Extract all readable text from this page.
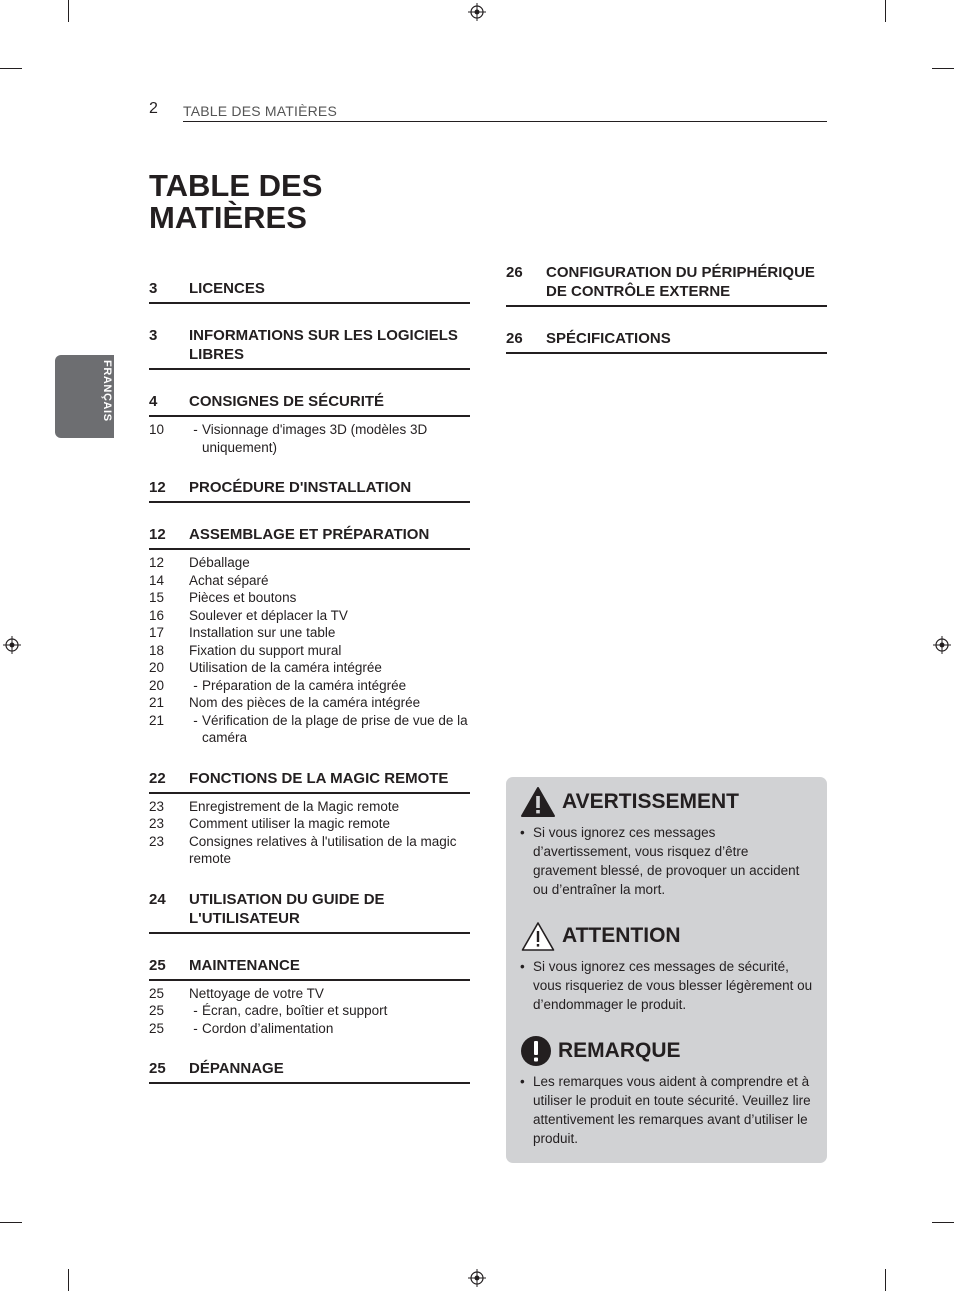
2 TABLE DES MATIÈRES
FRANÇAIS
TABLE DES
MATIÈRES
3	LICENCES
3	INFORMATIONS SUR LES LOGICIELS LIBRES
4	CONSIGNES DE SÉCURITÉ
10	- Visionnage d'images 3D (modèles 3D uniquement)
12	PROCÉDURE D'INSTALLATION
12	ASSEMBLAGE ET PRÉPARATION
12	Déballage
14	Achat séparé
15	Pièces et boutons
16	Soulever et déplacer la TV
17	Installation sur une table
18	Fixation du support mural
20	Utilisation de la caméra intégrée
20	- Préparation de la caméra intégrée
21	Nom des pièces de la caméra intégrée
21	- Vérification de la plage de prise de vue de la caméra
22	FONCTIONS DE LA MAGIC REMOTE
23	Enregistrement de la Magic remote
23	Comment utiliser la magic remote
23	Consignes relatives à l'utilisation de la magic remote
24	UTILISATION DU GUIDE DE L'UTILISATEUR
25	MAINTENANCE
25	Nettoyage de votre TV
25	- Écran, cadre, boîtier et support
25	- Cordon d’alimentation
25	DÉPANNAGE
26	CONFIGURATION DU PÉRIPHÉRIQUE DE CONTRÔLE EXTERNE
26	SPÉCIFICATIONS
AVERTISSEMENT
• Si vous ignorez ces messages d’avertissement, vous risquez d’être gravement blessé, de provoquer un accident ou d’entraîner la mort.
ATTENTION
• Si vous ignorez ces messages de sécurité, vous risqueriez de vous blesser légèrement ou d’endommager le produit.
REMARQUE
• Les remarques vous aident à comprendre et à utiliser le produit en toute sécurité. Veuillez lire attentivement les remarques avant d’utiliser le produit.
